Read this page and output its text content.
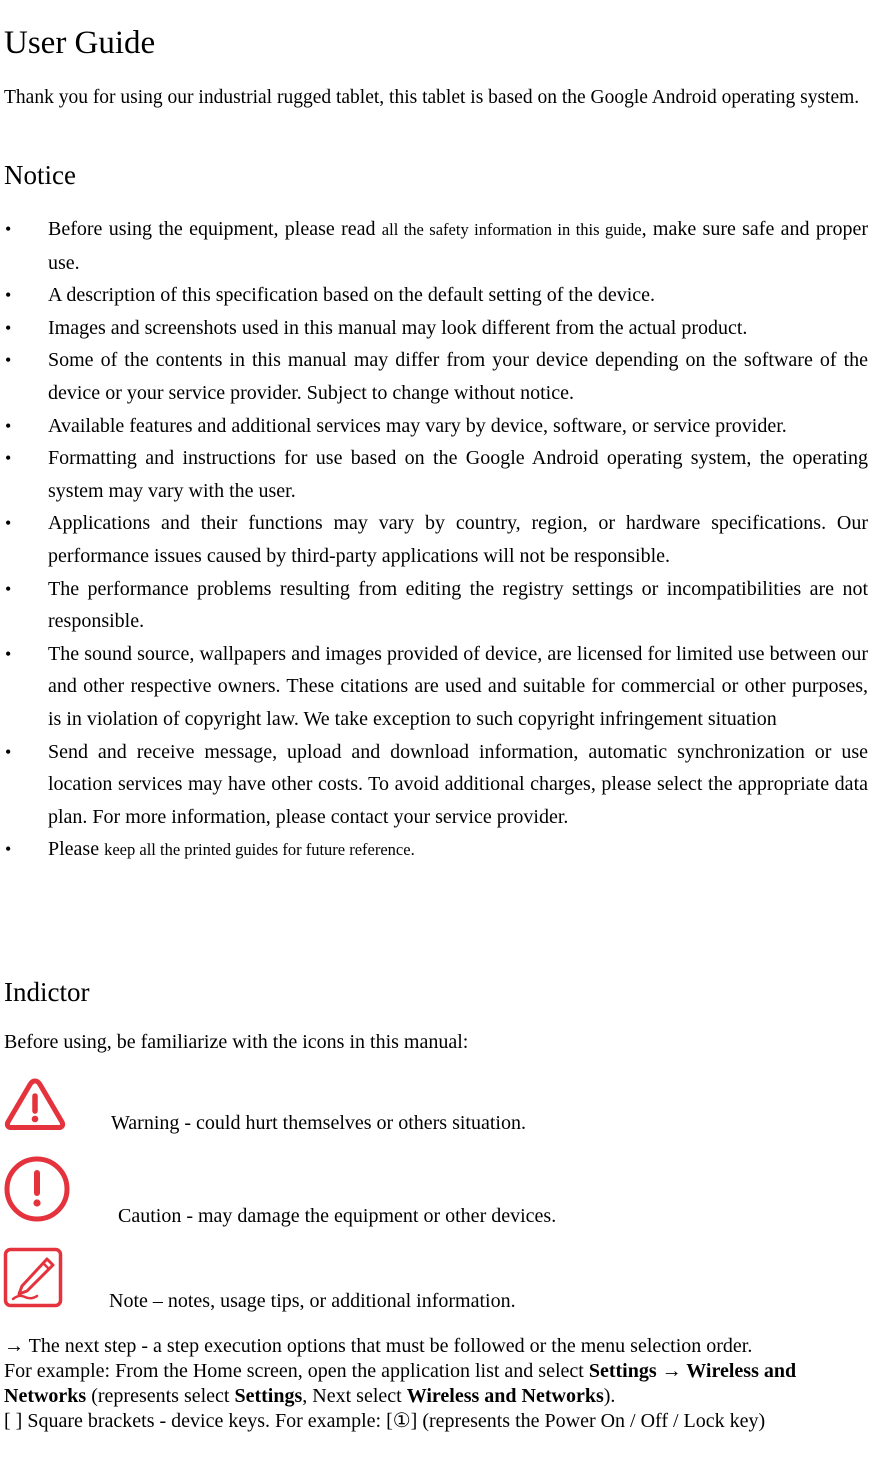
User Guide

Thank you for using our industrial rugged tablet, this tablet is based on the Google Android operating system.

Notice
• Before using the equipment, please read all the safety information in this guide, make sure safe and proper use.
• A description of this specification based on the default setting of the device.
• Images and screenshots used in this manual may look different from the actual product.
• Some of the contents in this manual may differ from your device depending on the software of the device or your service provider. Subject to change without notice.
• Available features and additional services may vary by device, software, or service provider.
• Formatting and instructions for use based on the Google Android operating system, the operating system may vary with the user.
• Applications and their functions may vary by country, region, or hardware specifications. Our performance issues caused by third-party applications will not be responsible.
• The performance problems resulting from editing the registry settings or incompatibilities are not responsible.
• The sound source, wallpapers and images provided of device, are licensed for limited use between our and other respective owners. These citations are used and suitable for commercial or other purposes, is in violation of copyright law. We take exception to such copyright infringement situation
• Send and receive message, upload and download information, automatic synchronization or use location services may have other costs. To avoid additional charges, please select the appropriate data plan. For more information, please contact your service provider.
• Please keep all the printed guides for future reference.
Indictor

Before using, be familiarize with the icons in this manual:

Warning - could hurt themselves or others situation.

Caution - may damage the equipment or other devices.

Note – notes, usage tips, or additional information.

→ The next step - a step execution options that must be followed or the menu selection order.
For example: From the Home screen, open the application list and select Settings → Wireless and Networks (represents select Settings, Next select Wireless and Networks).
[ ] Square brackets - device keys. For example: [①] (represents the Power On / Off / Lock key)
